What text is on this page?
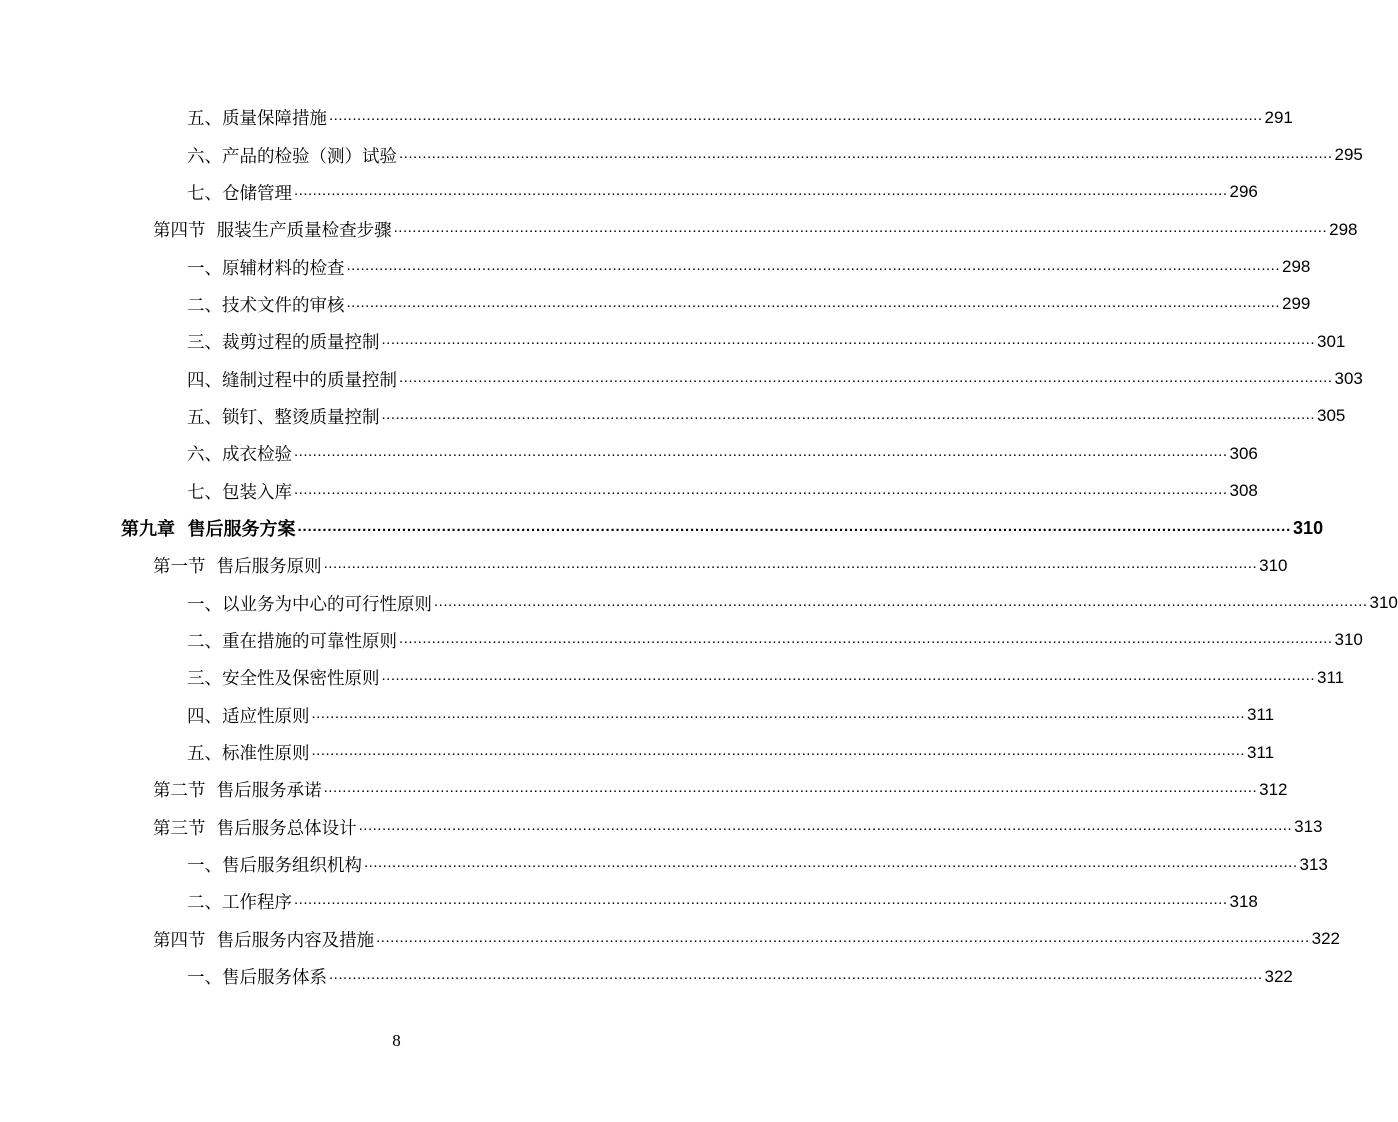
五、质量保障措施 ........................................................................................................................................................................................................ 291
六、产品的检验（测）试验 ........................................................................................................................................................................................................ 295
七、仓储管理 ........................................................................................................................................................................................................ 296
第四节  服装生产质量检查步骤 ........................................................................................................................................................................................................ 298
一、原辅材料的检查 ........................................................................................................................................................................................................ 298
二、技术文件的审核 ........................................................................................................................................................................................................ 299
三、裁剪过程的质量控制 ........................................................................................................................................................................................................ 301
四、缝制过程中的质量控制 ........................................................................................................................................................................................................ 303
五、锁钉、整烫质量控制 ........................................................................................................................................................................................................ 305
六、成衣检验 ........................................................................................................................................................................................................ 306
七、包装入库 ........................................................................................................................................................................................................ 308
第九章  售后服务方案 ........................................................................................................................................................................................................ 310
第一节  售后服务原则 ........................................................................................................................................................................................................ 310
一、以业务为中心的可行性原则 ........................................................................................................................................................................................................ 310
二、重在措施的可靠性原则 ........................................................................................................................................................................................................ 310
三、安全性及保密性原则 ........................................................................................................................................................................................................ 311
四、适应性原则 ........................................................................................................................................................................................................ 311
五、标准性原则 ........................................................................................................................................................................................................ 311
第二节  售后服务承诺 ........................................................................................................................................................................................................ 312
第三节  售后服务总体设计 ........................................................................................................................................................................................................ 313
一、售后服务组织机构 ........................................................................................................................................................................................................ 313
二、工作程序 ........................................................................................................................................................................................................ 318
第四节  售后服务内容及措施 ........................................................................................................................................................................................................ 322
一、售后服务体系 ........................................................................................................................................................................................................ 322
8
